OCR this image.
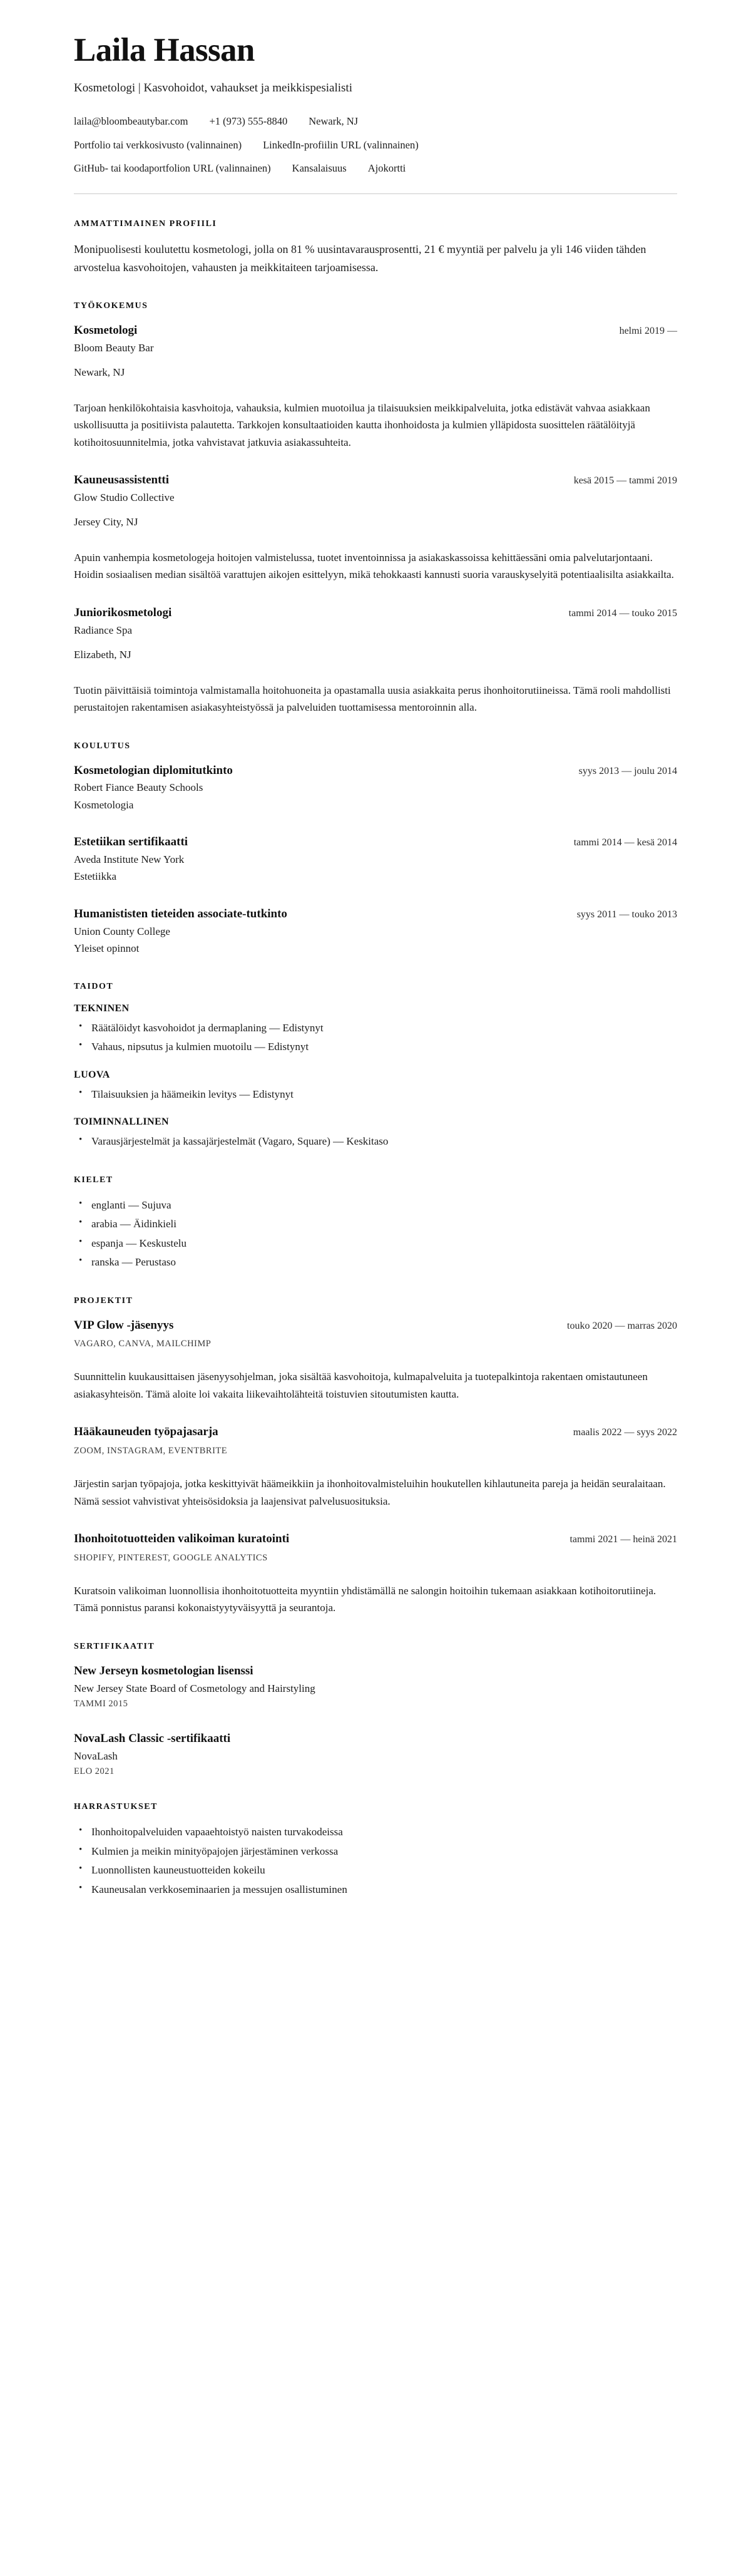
Laila Hassan
Kosmetologi | Kasvohoidot, vahaukset ja meikkispesialisti
laila@bloombeautybar.com +1 (973) 555-8840 Newark, NJ
Portfolio tai verkkosivusto (valinnainen) LinkedIn-profiilin URL (valinnainen)
GitHub- tai koodaportfolion URL (valinnainen) Kansalaisuus Ajokortti
AMMATTIMAINEN PROFIILI

Monipuolisesti koulutettu kosmetologi, jolla on 81 % uusintavarausprosentti, 21 € myyntiä per palvelu ja yli 146 viiden tähden arvostelua kasvohoitojen, vahausten ja meikkitaiteen tarjoamisessa.

TYÖKOKEMUS
Kosmetologi	helmi 2019 —
Bloom Beauty Bar
Newark, NJ

Tarjoan henkilökohtaisia kasvhoitoja, vahauksia, kulmien muotoilua ja tilaisuuksien meikkipalveluita, jotka edistävät vahvaa asiakkaan uskollisuutta ja positiivista palautetta. Tarkkojen konsultaatioiden kautta ihonhoidosta ja kulmien ylläpidosta suosittelen räätälöityjä kotihoitosuunnitelmia, jotka vahvistavat jatkuvia asiakassuhteita.

Kauneusassistentti	kesä 2015 — tammi 2019
Glow Studio Collective
Jersey City, NJ

Apuin vanhempia kosmetologeja hoitojen valmistelussa, tuotet inventoinnissa ja asiakaskassoissa kehittäessäni omia palvelutarjontaani. Hoidin sosiaalisen median sisältöä varattujen aikojen esittelyyn, mikä tehokkaasti kannusti suoria varauskyselyitä potentiaalisilta asiakkailta.

Juniorikosmetologi	tammi 2014 — touko 2015
Radiance Spa
Elizabeth, NJ

Tuotin päivittäisiä toimintoja valmistamalla hoitohuoneita ja opastamalla uusia asiakkaita perus ihonhoitorutiineissa. Tämä rooli mahdollisti perustaitojen rakentamisen asiakasyhteistyössä ja palveluiden tuottamisessa mentoroinnin alla.

KOULUTUS
Kosmetologian diplomitutkinto	syys 2013 — joulu 2014
Robert Fiance Beauty Schools
Kosmetologia
Estetiikan sertifikaatti	tammi 2014 — kesä 2014
Aveda Institute New York
Estetiikka
Humanististen tieteiden associate-tutkinto	syys 2011 — touko 2013
Union County College
Yleiset opinnot
TAIDOT
TEKNINEN
• Räätälöidyt kasvohoidot ja dermaplaning — Edistynyt
• Vahaus, nipsutus ja kulmien muotoilu — Edistynyt
LUOVA
• Tilaisuuksien ja häämeikin levitys — Edistynyt
TOIMINNALLINEN
• Varausjärjestelmät ja kassajärjestelmät (Vagaro, Square) — Keskitaso
KIELET
• englanti — Sujuva
• arabia — Äidinkieli
• espanja — Keskustelu
• ranska — Perustaso
PROJEKTIT
VIP Glow -jäsenyys	touko 2020 — marras 2020
VAGARO, CANVA, MAILCHIMP

Suunnittelin kuukausittaisen jäsenyysohjelman, joka sisältää kasvohoitoja, kulmapalveluita ja tuotepalkintoja rakentaen omistautuneen asiakasyhteisön. Tämä aloite loi vakaita liikevaihtolähteitä toistuvien sitoutumisten kautta.

Hääkauneuden työpajasarja	maalis 2022 — syys 2022
ZOOM, INSTAGRAM, EVENTBRITE

Järjestin sarjan työpajoja, jotka keskittyivät häämeikkiin ja ihonhoitovalmisteluihin houkutellen kihlautuneita pareja ja heidän seuralaitaan. Nämä sessiot vahvistivat yhteisösidoksia ja laajensivat palvelusuosituksia.

Ihonhoitotuotteiden valikoiman kuratointi	tammi 2021 — heinä 2021
SHOPIFY, PINTEREST, GOOGLE ANALYTICS

Kuratsoin valikoiman luonnollisia ihonhoitotuotteita myyntiin yhdistämällä ne salongin hoitoihin tukemaan asiakkaan kotihoitorutiineja. Tämä ponnistus paransi kokonaistyytyväisyyttä ja seurantoja.

SERTIFIKAATIT
New Jerseyn kosmetologian lisenssi
New Jersey State Board of Cosmetology and Hairstyling
TAMMI 2015
NovaLash Classic -sertifikaatti
NovaLash
ELO 2021
HARRASTUKSET
• Ihonhoitopalveluiden vapaaehtoistyö naisten turvakodeissa
• Kulmien ja meikin minityöpajojen järjestäminen verkossa
• Luonnollisten kauneustuotteiden kokeilu
• Kauneusalan verkkoseminaarien ja messujen osallistuminen
